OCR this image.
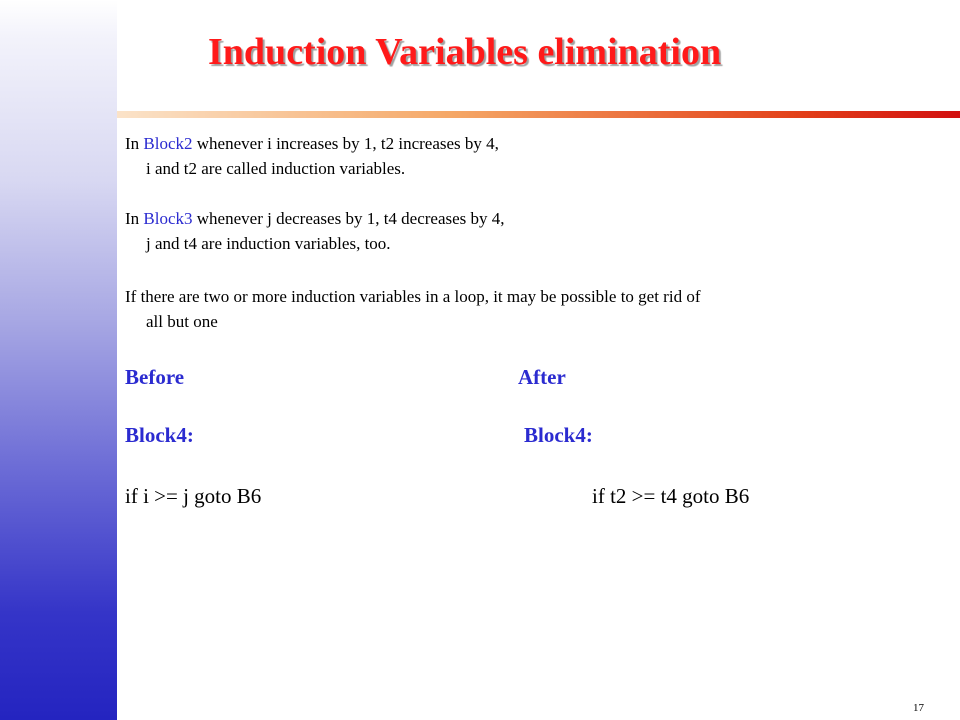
Induction Variables elimination
In Block2 whenever i increases by 1, t2 increases by 4,
i and t2 are called induction variables.
In Block3 whenever j decreases by 1, t4 decreases by 4,
j and t4 are induction variables, too.
If there are two or more induction variables in a loop, it may be possible to get rid of
all but one
Before	After
Block4:	Block4:
if i >= j goto B6	if t2 >= t4 goto B6
17
